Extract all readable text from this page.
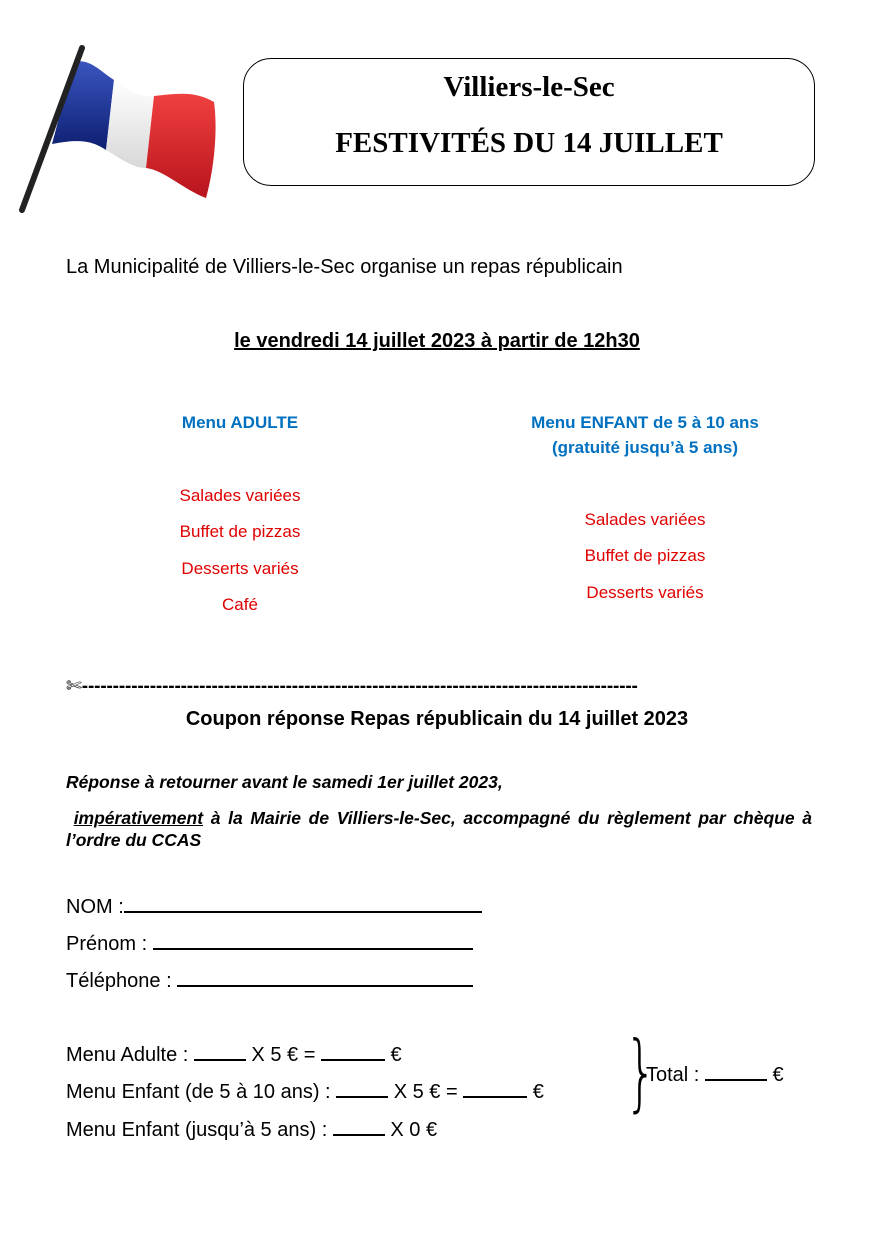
Villiers-le-Sec
FESTIVITÉS DU 14 JUILLET
La Municipalité de Villiers-le-Sec organise un repas républicain
le vendredi 14 juillet 2023 à partir de 12h30
Menu ADULTE	Menu ENFANT de 5 à 10 ans
(gratuité jusqu’à 5 ans)
Salades variées
Buffet de pizzas
Desserts variés
Café
Salades variées
Buffet de pizzas
Desserts variés
✄------------------------------------------------------------------------------------------
Coupon réponse Repas républicain du 14 juillet 2023
Réponse à retourner avant le samedi 1er juillet 2023,
impérativement à la Mairie de Villiers-le-Sec, accompagné du règlement par chèque à l’ordre du CCAS
NOM :
Prénom :
Téléphone :
Menu Adulte :	X 5 € =	€
Menu Enfant (de 5 à 10 ans) :	X 5 € =	€
Menu Enfant (jusqu’à 5 ans) :	X 0 €
}
Total :	€
